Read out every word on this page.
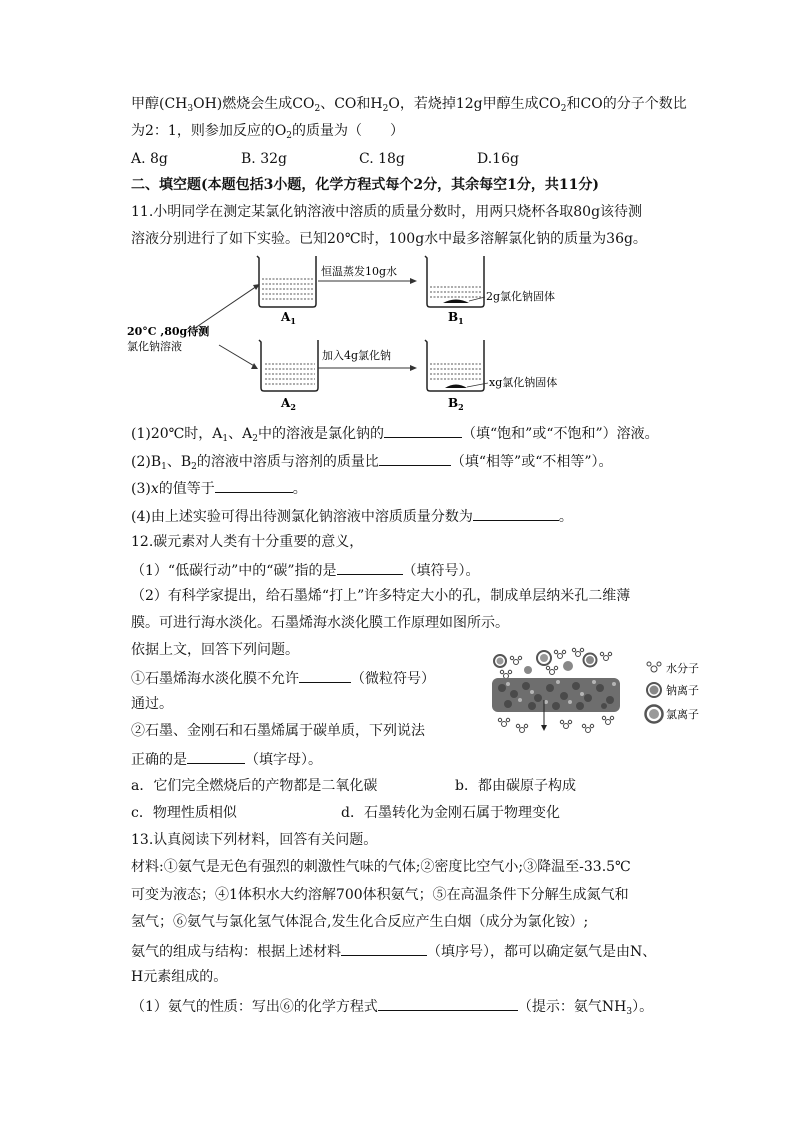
甲醇$(CH_3OH)$燃烧会生成$CO_2$、CO和$H_2O$，若烧掉12g甲醇生成$CO_2$和CO的分子个数比
为2：1，则参加反应的$O_2$的质量为（　　）
A. 8g	B. 32g	C. 18g	D.16g
二、填空题(本题包括3小题，化学方程式每个2分，其余每空1分，共11分)
11.小明同学在测定某氯化钠溶液中溶质的质量分数时，用两只烧杯各取80g该待测
溶液分别进行了如下实验。已知20℃时，100g水中最多溶解氯化钠的质量为36g。
$A_1$
恒温蒸发10g水
2g氯化钠固体
$B_1$
20°C ,80g待测
氯化钠溶液
$A_2$
加入4g氯化钠
xg氯化钠固体
$B_2$
(1)20℃时，$A_1$、$A_2$中的溶液是氯化钠的	（填“饱和”或“不饱和”）溶液。
$(2)B_1$、$B_2$的溶液中溶质与溶剂的质量比	（填“相等”或“不相等”）。
(3)x的值等于	。
(4)由上述实验可得出待测氯化钠溶液中溶质质量分数为	。
12.碳元素对人类有十分重要的意义，
（1）“低碳行动”中的“碳”指的是	（填符号）。
（2）有科学家提出，给石墨烯“打上”许多特定大小的孔，制成单层纳米孔二维薄
膜。可进行海水淡化。石墨烯海水淡化膜工作原理如图所示。
依据上文，回答下列问题。
①石墨烯海水淡化膜不允许	（微粒符号）
通过。
②石墨、金刚石和石墨烯属于碳单质，下列说法
正确的是	（填字母）。
a．它们完全燃烧后的产物都是二氧化碳	b．都由碳原子构成
c．物理性质相似	d．石墨转化为金刚石属于物理变化
水分子
钠离子
氯离子
13.认真阅读下列材料，回答有关问题。
材料:①氨气是无色有强烈的刺激性气味的气体;②密度比空气小;③降温至-33.5℃
可变为液态；④1体积水大约溶解700体积氨气；⑤在高温条件下分解生成氮气和
氢气；⑥氨气与氯化氢气体混合,发生化合反应产生白烟（成分为氯化铵）;
氨气的组成与结构：根据上述材料	（填序号），都可以确定氨气是由N、
H元素组成的。
（1）氨气的性质：写出⑥的化学方程式	（提示：氨气$NH_3$）。
